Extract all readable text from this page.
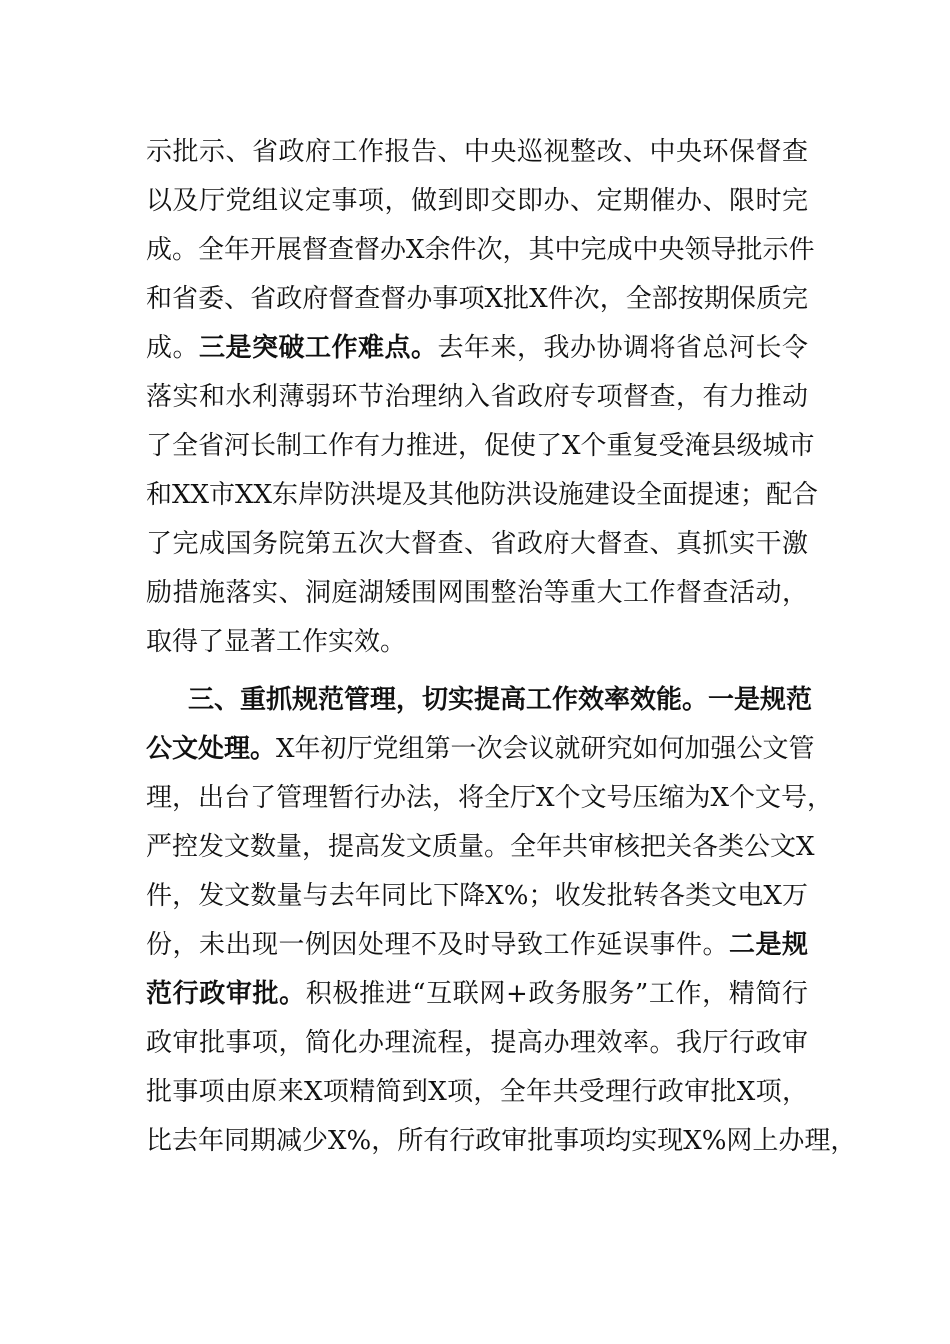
示批示、省政府工作报告、中央巡视整改、中央环保督查
以及厅党组议定事项，做到即交即办、定期催办、限时完
成。全年开展督查督办X余件次，其中完成中央领导批示件
和省委、省政府督查督办事项X批X件次，全部按期保质完
成。三是突破工作难点。去年来，我办协调将省总河长令
落实和水利薄弱环节治理纳入省政府专项督查，有力推动
了全省河长制工作有力推进，促使了X个重复受淹县级城市
和XX市XX东岸防洪堤及其他防洪设施建设全面提速；配合
了完成国务院第五次大督查、省政府大督查、真抓实干激
励措施落实、洞庭湖矮围网围整治等重大工作督查活动，
取得了显著工作实效。
三、重抓规范管理，切实提高工作效率效能。一是规范
公文处理。X年初厅党组第一次会议就研究如何加强公文管
理，出台了管理暂行办法，将全厅X个文号压缩为X个文号，
严控发文数量，提高发文质量。全年共审核把关各类公文X
件，发文数量与去年同比下降X%；收发批转各类文电X万
份，未出现一例因处理不及时导致工作延误事件。二是规
范行政审批。积极推进“互联网+政务服务”工作，精简行
政审批事项，简化办理流程，提高办理效率。我厅行政审
批事项由原来X项精简到X项，全年共受理行政审批X项，
比去年同期减少X%，所有行政审批事项均实现X%网上办理，
